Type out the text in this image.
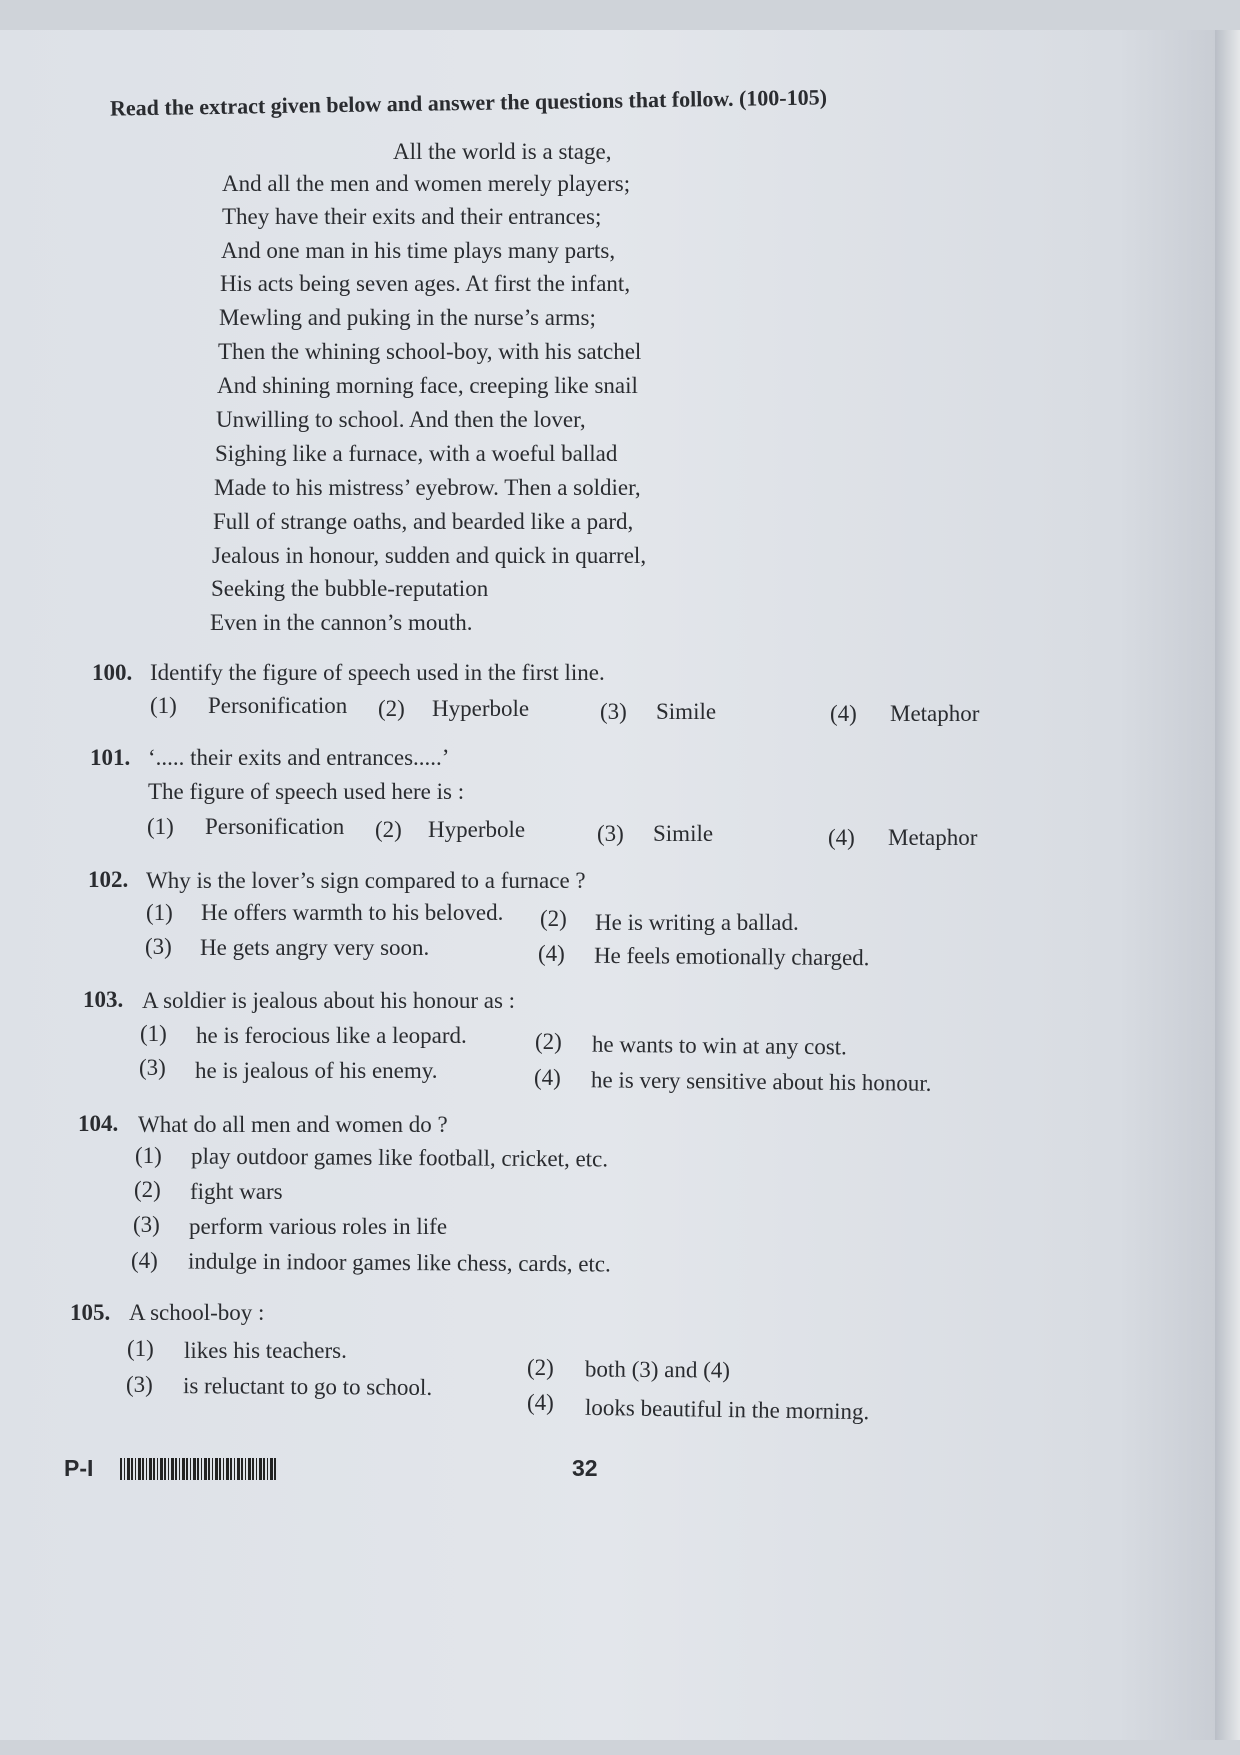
Read the extract given below and answer the questions that follow. (100-105)
All the world is a stage,
And all the men and women merely players;
They have their exits and their entrances;
And one man in his time plays many parts,
His acts being seven ages. At first the infant,
Mewling and puking in the nurse’s arms;
Then the whining school-boy, with his satchel
And shining morning face, creeping like snail
Unwilling to school. And then the lover,
Sighing like a furnace, with a woeful ballad
Made to his mistress’ eyebrow. Then a soldier,
Full of strange oaths, and bearded like a pard,
Jealous in honour, sudden and quick in quarrel,
Seeking the bubble-reputation
Even in the cannon’s mouth.
100. Identify the figure of speech used in the first line.
(1) Personification (2) Hyperbole	(3) Simile	(4) Metaphor
101. ‘..... their exits and entrances.....’
The figure of speech used here is :
(1) Personification (2) Hyperbole	(3) Simile	(4) Metaphor
102. Why is the lover’s sign compared to a furnace ?
(1) He offers warmth to his beloved. (2) He is writing a ballad.
(3) He gets angry very soon.	(4) He feels emotionally charged.
103. A soldier is jealous about his honour as :
(1) he is ferocious like a leopard.	(2) he wants to win at any cost.
(3) he is jealous of his enemy.	(4) he is very sensitive about his honour.
104. What do all men and women do ?
(1) play outdoor games like football, cricket, etc.
(2) fight wars
(3) perform various roles in life
(4) indulge in indoor games like chess, cards, etc.
105. A school-boy :
(1) likes his teachers.
(2) both (3) and (4)
(3) is reluctant to go to school.
(4) looks beautiful in the morning.
P-I	32
